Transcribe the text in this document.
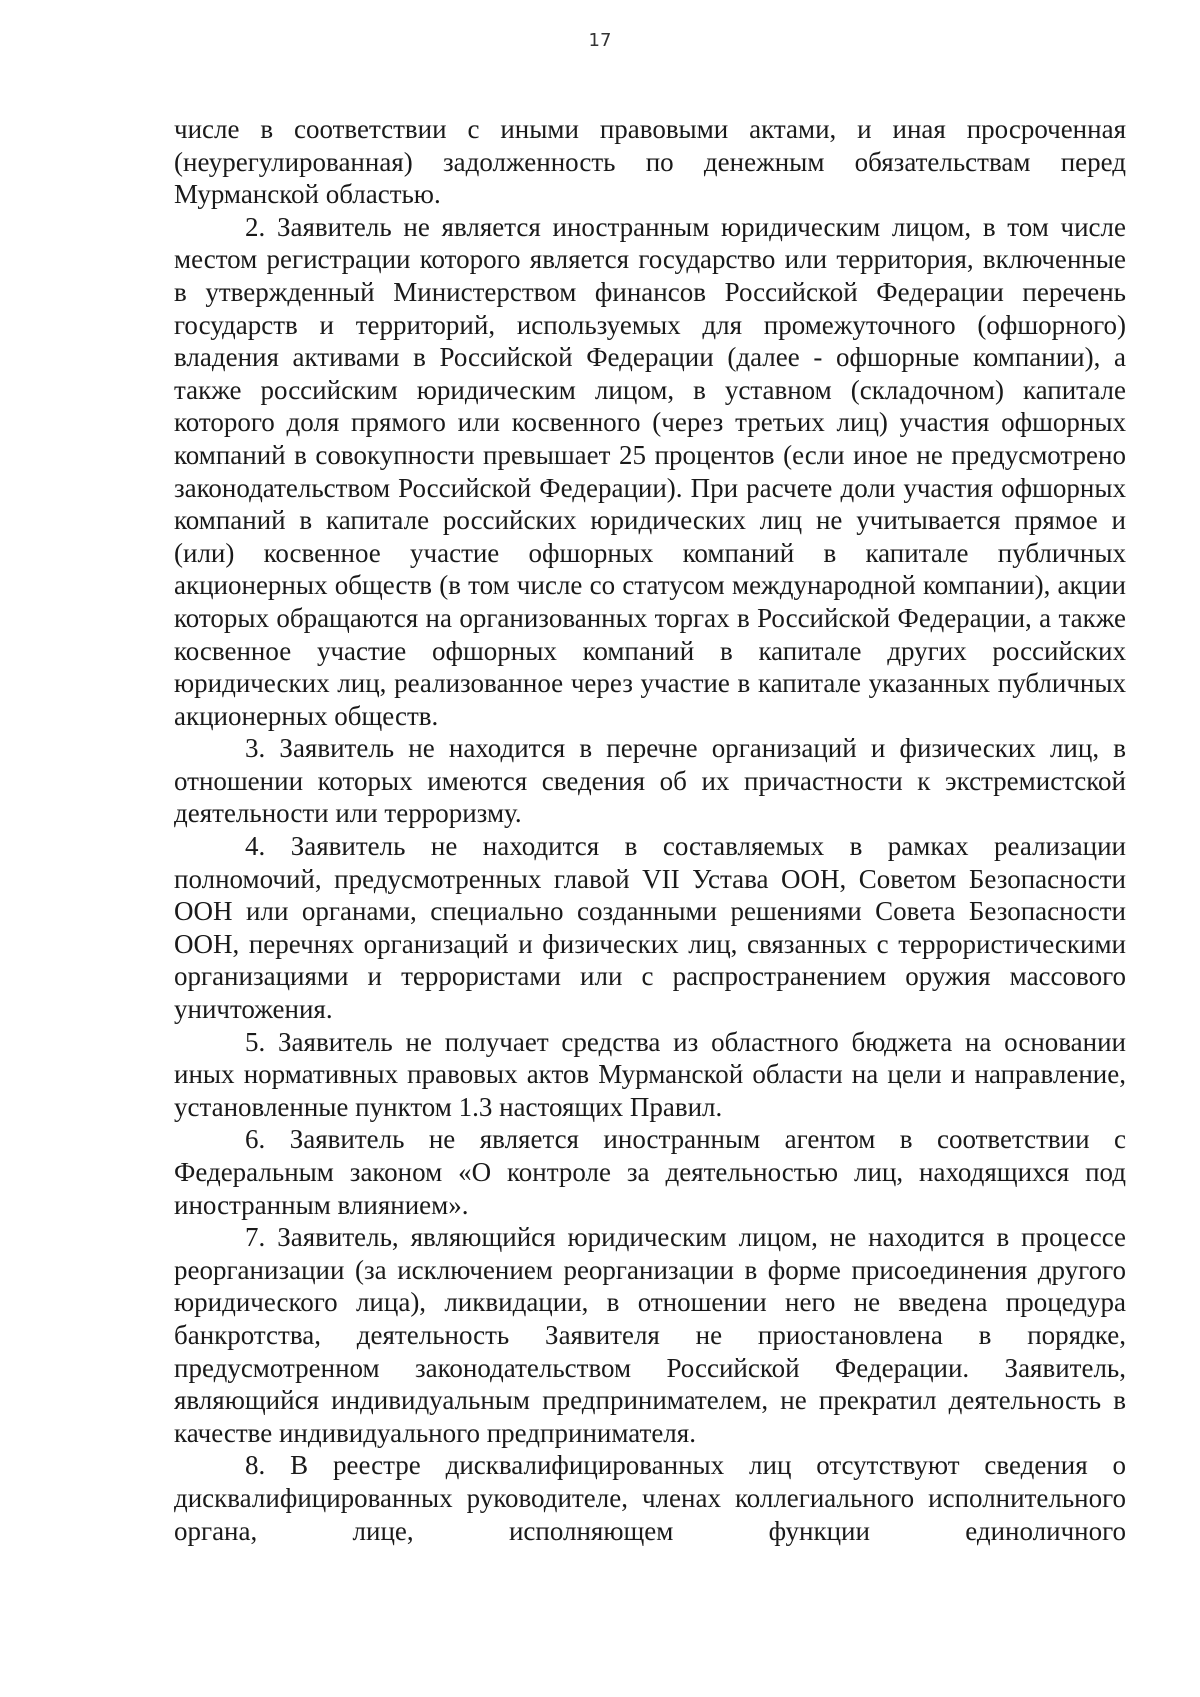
17

числе в соответствии с иными правовыми актами, и иная просроченная (неурегулированная) задолженность по денежным обязательствам перед Мурманской областью.

2. Заявитель не является иностранным юридическим лицом, в том числе местом регистрации которого является государство или территория, включенные в утвержденный Министерством финансов Российской Федерации перечень государств и территорий, используемых для промежуточного (офшорного) владения активами в Российской Федерации (далее - офшорные компании), а также российским юридическим лицом, в уставном (складочном) капитале которого доля прямого или косвенного (через третьих лиц) участия офшорных компаний в совокупности превышает 25 процентов (если иное не предусмотрено законодательством Российской Федерации). При расчете доли участия офшорных компаний в капитале российских юридических лиц не учитывается прямое и (или) косвенное участие офшорных компаний в капитале публичных акционерных обществ (в том числе со статусом международной компании), акции которых обращаются на организованных торгах в Российской Федерации, а также косвенное участие офшорных компаний в капитале других российских юридических лиц, реализованное через участие в капитале указанных публичных акционерных обществ.

3. Заявитель не находится в перечне организаций и физических лиц, в отношении которых имеются сведения об их причастности к экстремистской деятельности или терроризму.

4. Заявитель не находится в составляемых в рамках реализации полномочий, предусмотренных главой VII Устава ООН, Советом Безопасности ООН или органами, специально созданными решениями Совета Безопасности ООН, перечнях организаций и физических лиц, связанных с террористическими организациями и террористами или с распространением оружия массового уничтожения.

5. Заявитель не получает средства из областного бюджета на основании иных нормативных правовых актов Мурманской области на цели и направление, установленные пунктом 1.3 настоящих Правил.

6. Заявитель не является иностранным агентом в соответствии с Федеральным законом «О контроле за деятельностью лиц, находящихся под иностранным влиянием».

7. Заявитель, являющийся юридическим лицом, не находится в процессе реорганизации (за исключением реорганизации в форме присоединения другого юридического лица), ликвидации, в отношении него не введена процедура банкротства, деятельность Заявителя не приостановлена в порядке, предусмотренном законодательством Российской Федерации. Заявитель, являющийся индивидуальным предпринимателем, не прекратил деятельность в качестве индивидуального предпринимателя.

8. В реестре дисквалифицированных лиц отсутствуют сведения о дисквалифицированных руководителе, членах коллегиального исполнительного органа, лице, исполняющем функции единоличного
